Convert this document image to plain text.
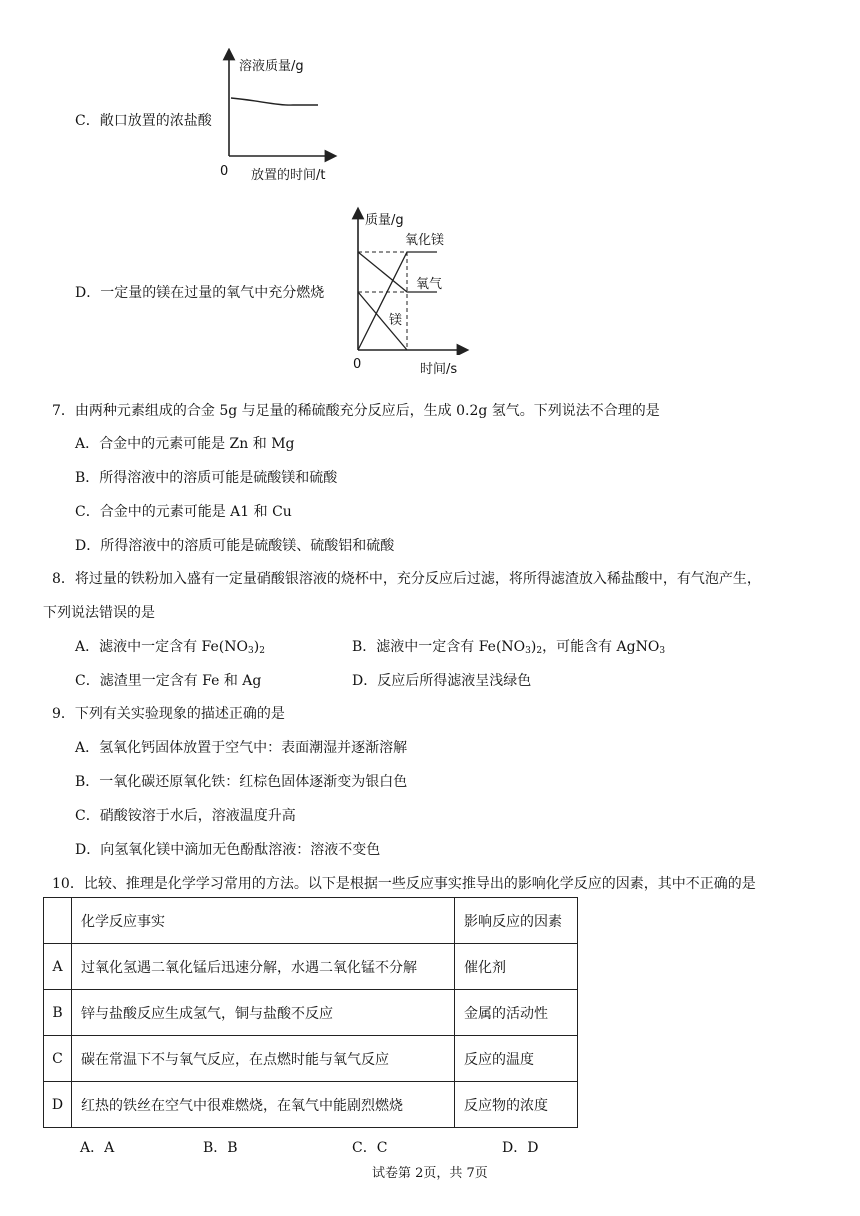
C．敞口放置的浓盐酸
溶液质量/g
0 放置的时间/t
D．一定量的镁在过量的氧气中充分燃烧
质量/g
氧化镁
氧气
镁
0	时间/s
7．由两种元素组成的合金 5g 与足量的稀硫酸充分反应后，生成 0.2g 氢气。下列说法不合理的是
A．合金中的元素可能是 Zn 和 Mg
B．所得溶液中的溶质可能是硫酸镁和硫酸
C．合金中的元素可能是 A1 和 Cu
D．所得溶液中的溶质可能是硫酸镁、硫酸铝和硫酸
8．将过量的铁粉加入盛有一定量硝酸银溶液的烧杯中，充分反应后过滤，将所得滤渣放入稀盐酸中，有气泡产生，
下列说法错误的是
A．滤液中一定含有 $Fe(NO_3)_2$	B．滤液中一定含有 $Fe(NO_3)_2$，可能含有 AgNO$_3$
C．滤渣里一定含有 Fe 和 Ag	D．反应后所得滤液呈浅绿色
9．下列有关实验现象的描述正确的是
A．氢氧化钙固体放置于空气中：表面潮湿并逐渐溶解
B．一氧化碳还原氧化铁：红棕色固体逐渐变为银白色
C．硝酸铵溶于水后，溶液温度升高
D．向氢氧化镁中滴加无色酚酞溶液：溶液不变色
10．比较、推理是化学学习常用的方法。以下是根据一些反应事实推导出的影响化学反应的因素，其中不正确的是
	化学反应事实	影响反应的因素
A	过氧化氢遇二氧化锰后迅速分解，水遇二氧化锰不分解	催化剂
B	锌与盐酸反应生成氢气，铜与盐酸不反应	金属的活动性
C	碳在常温下不与氧气反应，在点燃时能与氧气反应	反应的温度
D	红热的铁丝在空气中很难燃烧，在氧气中能剧烈燃烧	反应物的浓度
A．A	B．B	C．C	D．D
试卷第 2页，共 7页
